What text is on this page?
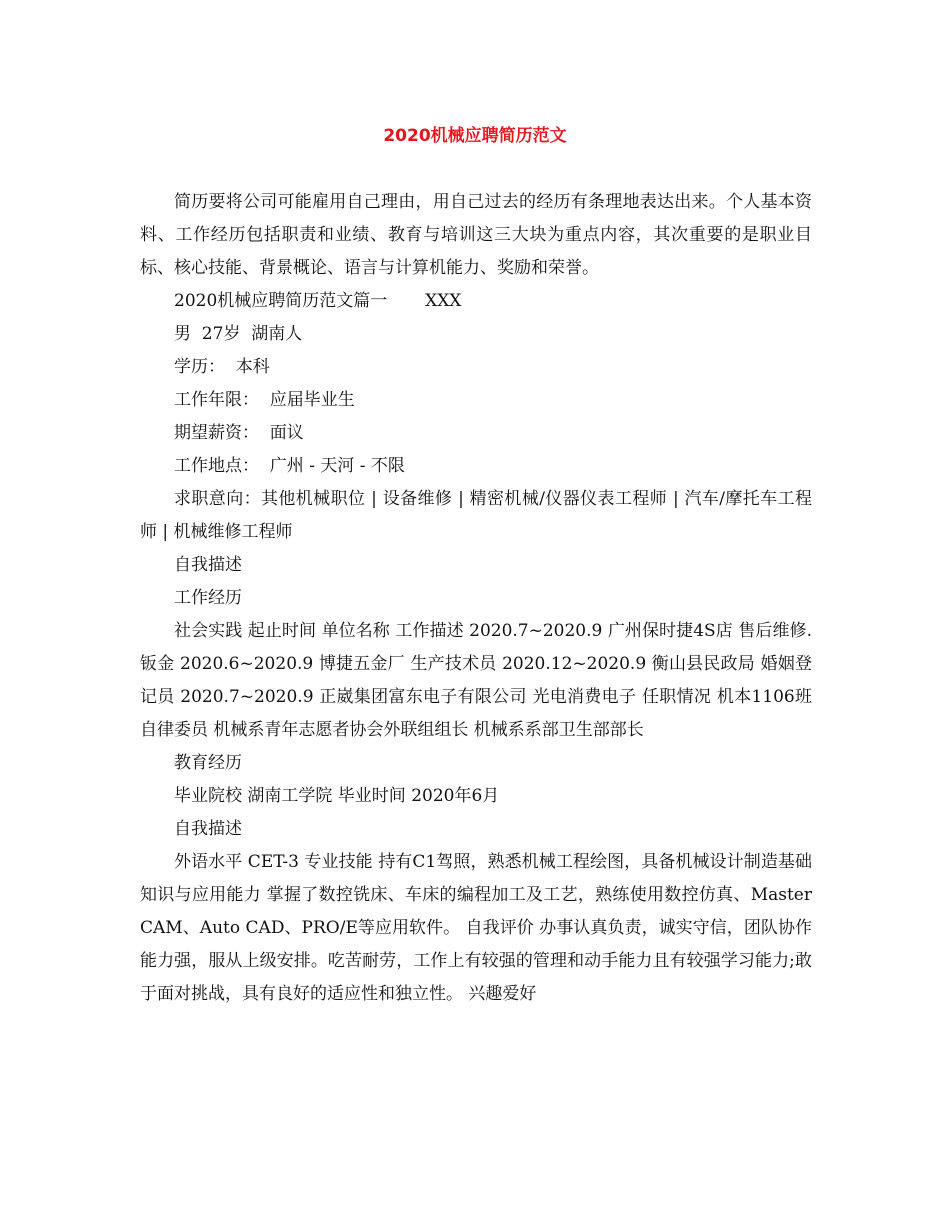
2020机械应聘简历范文

简历要将公司可能雇用自己理由，用自己过去的经历有条理地表达出来。个人基本资料、工作经历包括职责和业绩、教育与培训这三大块为重点内容，其次重要的是职业目标、核心技能、背景概论、语言与计算机能力、奖励和荣誉。

2020机械应聘简历范文篇一 XXX

男  27岁  湖南人

学历：  本科

工作年限：  应届毕业生

期望薪资：  面议

工作地点：  广州 - 天河 - 不限

求职意向：其他机械职位 | 设备维修 | 精密机械/仪器仪表工程师 | 汽车/摩托车工程师 | 机械维修工程师

自我描述

工作经历

社会实践 起止时间 单位名称 工作描述 2020.7~2020.9 广州保时捷4S店 售后维修.钣金 2020.6~2020.9 博捷五金厂 生产技术员 2020.12~2020.9 衡山县民政局 婚姻登记员 2020.7~2020.9 正崴集团富东电子有限公司 光电消费电子 任职情况 机本1106班自律委员 机械系青年志愿者协会外联组组长 机械系系部卫生部部长

教育经历

毕业院校 湖南工学院 毕业时间 2020年6月

自我描述

外语水平 CET-3 专业技能 持有C1驾照，熟悉机械工程绘图，具备机械设计制造基础知识与应用能力 掌握了数控铣床、车床的编程加工及工艺，熟练使用数控仿真、Master CAM、Auto CAD、PRO/E等应用软件。 自我评价 办事认真负责，诚实守信，团队协作能力强，服从上级安排。吃苦耐劳，工作上有较强的管理和动手能力且有较强学习能力;敢于面对挑战，具有良好的适应性和独立性。 兴趣爱好
